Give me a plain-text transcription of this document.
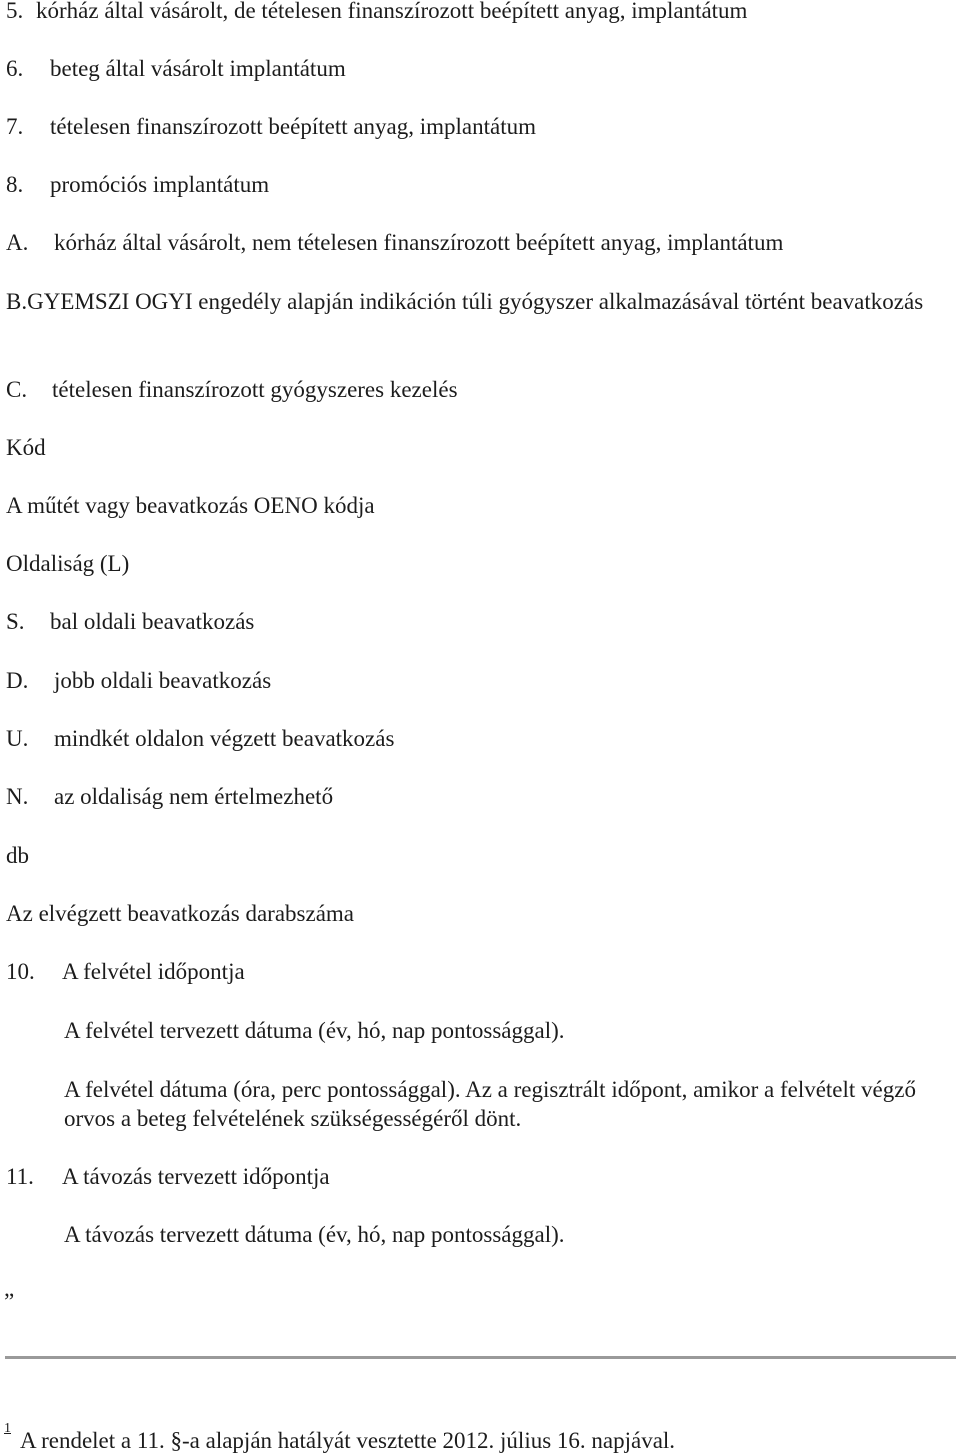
5. kórház által vásárolt, de tételesen finanszírozott beépített anyag, implantátum
6. beteg által vásárolt implantátum
7. tételesen finanszírozott beépített anyag, implantátum
8. promóciós implantátum
A. kórház által vásárolt, nem tételesen finanszírozott beépített anyag, implantátum
B.GYEMSZI OGYI engedély alapján indikáción túli gyógyszer alkalmazásával történt beavatkozás
C. tételesen finanszírozott gyógyszeres kezelés
Kód
A műtét vagy beavatkozás OENO kódja
Oldaliság (L)
S. bal oldali beavatkozás
D. jobb oldali beavatkozás
U. mindkét oldalon végzett beavatkozás
N. az oldaliság nem értelmezhető
db
Az elvégzett beavatkozás darabszáma
10. A felvétel időpontja
A felvétel tervezett dátuma (év, hó, nap pontossággal).
A felvétel dátuma (óra, perc pontossággal). Az a regisztrált időpont, amikor a felvételt végző orvos a beteg felvételének szükségességéről dönt.
11. A távozás tervezett időpontja
A távozás tervezett dátuma (év, hó, nap pontossággal).
„
1 A rendelet a 11. §-a alapján hatályát vesztette 2012. július 16. napjával.
